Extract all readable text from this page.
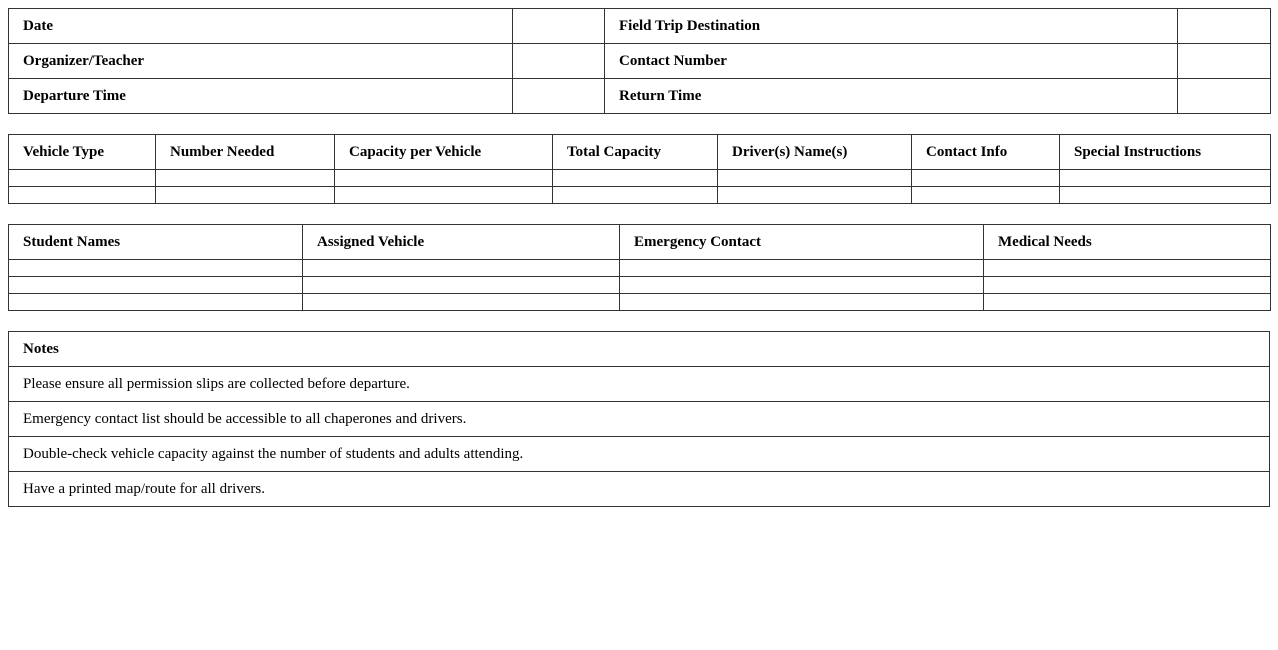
Date		Field Trip Destination	
Organizer/Teacher		Contact Number	
Departure Time		Return Time	
Vehicle Type	Number Needed	Capacity per Vehicle	Total Capacity	Driver(s) Name(s)	Contact Info	Special Instructions

Student Names	Assigned Vehicle	Emergency Contact	Medical Needs

Notes
Please ensure all permission slips are collected before departure.
Emergency contact list should be accessible to all chaperones and drivers.
Double-check vehicle capacity against the number of students and adults attending.
Have a printed map/route for all drivers.
